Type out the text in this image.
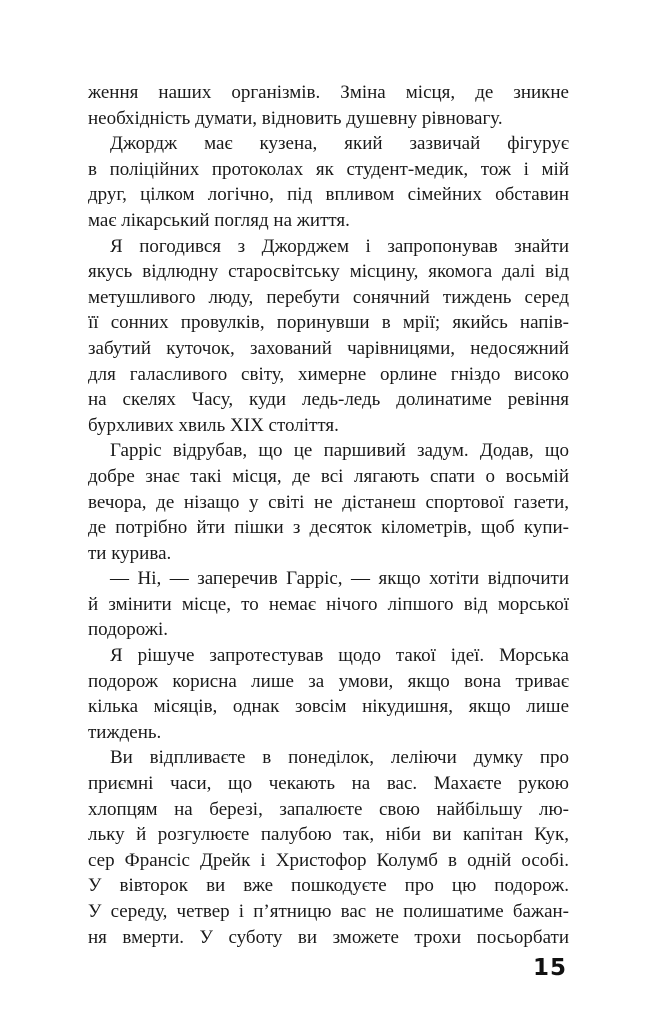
ження наших організмів. Зміна місця, де зникне
необхідність думати, відновить душевну рівновагу.
Джордж має кузена, який зазвичай фігурує
в поліційних протоколах як студент-медик, тож і мій
друг, цілком логічно, під впливом сімейних обставин
має лікарський погляд на життя.
Я погодився з Джорджем і запропонував знайти
якусь відлюдну старосвітську місцину, якомога далі від
метушливого люду, перебути сонячний тиждень серед
її сонних провулків, поринувши в мрії; якийсь напів-
забутий куточок, захований чарівницями, недосяжний
для галасливого світу, химерне орлине гніздо високо
на скелях Часу, куди ледь-ледь долинатиме ревіння
бурхливих хвиль XIX століття.
Гарріс відрубав, що це паршивий задум. Додав, що
добре знає такі місця, де всі лягають спати о восьмій
вечора, де нізащо у світі не дістанеш спортової газети,
де потрібно йти пішки з десяток кілометрів, щоб купи-
ти курива.
— Ні, — заперечив Гарріс, — якщо хотіти відпочити
й змінити місце, то немає нічого ліпшого від морської
подорожі.
Я рішуче запротестував щодо такої ідеї. Морська
подорож корисна лише за умови, якщо вона триває
кілька місяців, однак зовсім нікудишня, якщо лише
тиждень.
Ви відпливаєте в понеділок, леліючи думку про
приємні часи, що чекають на вас. Махаєте рукою
хлопцям на березі, запалюєте свою найбільшу лю-
льку й розгулюєте палубою так, ніби ви капітан Кук,
сер Франсіс Дрейк і Христофор Колумб в одній особі.
У вівторок ви вже пошкодуєте про цю подорож.
У середу, четвер і п’ятницю вас не полишатиме бажан-
ня вмерти. У суботу ви зможете трохи посьорбати
15
